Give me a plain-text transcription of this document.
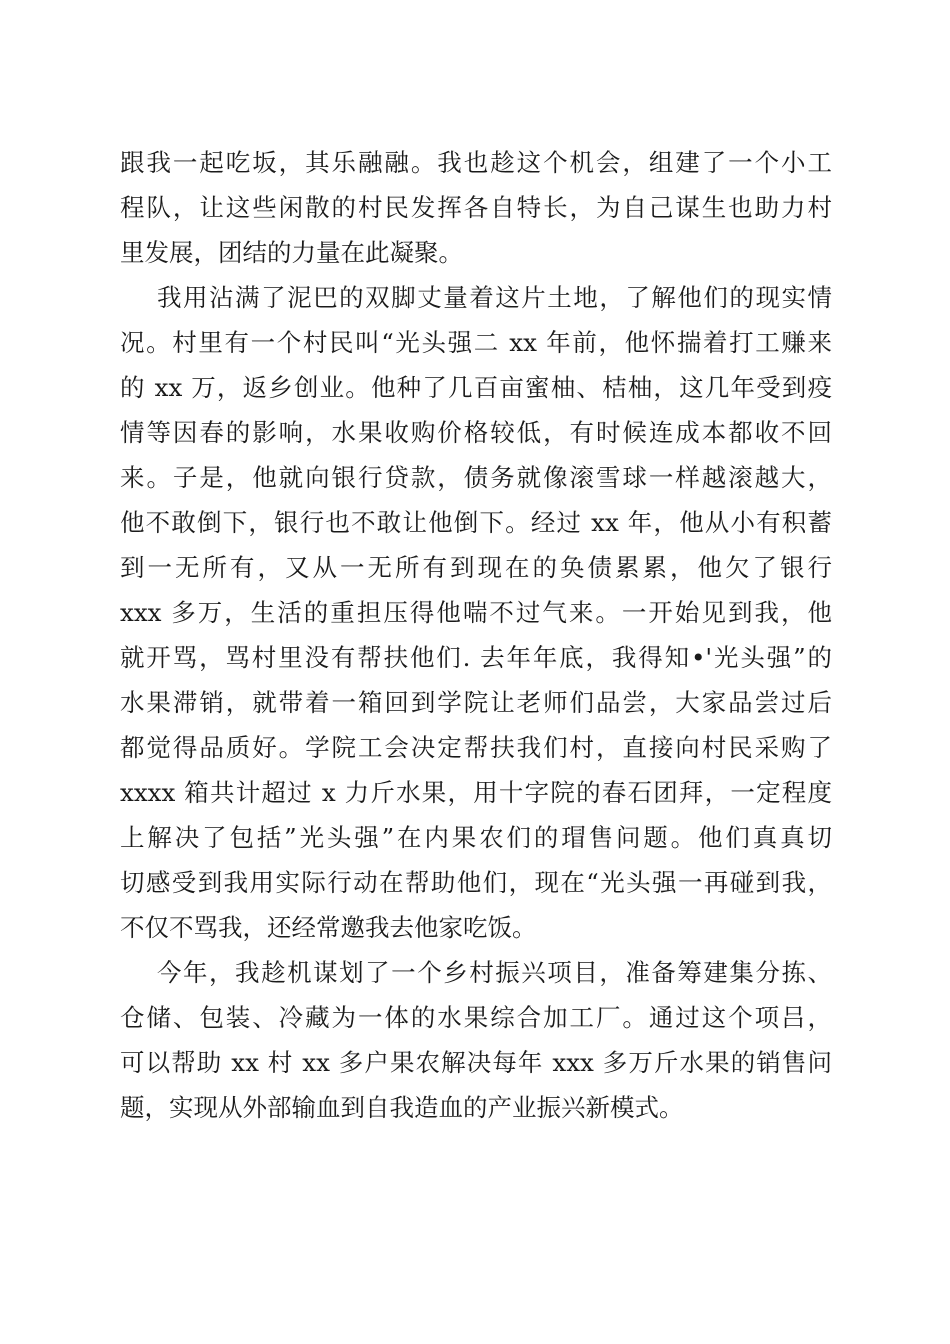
跟我一起吃坂，其乐融融。我也趁这个机会，组建了一个小工
程队，让这些闲散的村民发挥各自特长，为自己谋生也助力村
里发展，团结的力量在此凝聚。
我用沾满了泥巴的双脚丈量着这片土地，了解他们的现实情
况。村里有一个村民叫“光头强二 xx 年前，他怀揣着打工赚来
的 xx 万，返乡创业。他种了几百亩蜜柚、桔柚，这几年受到疫
情等因春的影响，水果收购价格较低，有时候连成本都收不回
来。子是，他就向银行贷款，债务就像滚雪球一样越滚越大，
他不敢倒下，银行也不敢让他倒下。经过 xx 年，他从小有积蓄
到一无所有，又从一无所有到现在的奂债累累，他欠了银行
xxx 多万，生活的重担压得他喘不过气来。一开始见到我，他
就开骂，骂村里没有帮扶他们. 去年年底，我得知•'光头强”的
水果滞销，就带着一箱回到学院让老师们品尝，大家品尝过后
都觉得品质好。学院工会决定帮扶我们村，直接向村民采购了
xxxx 箱共计超过 x 力斤水果，用十字院的春石团拜，一定程度
上解决了包括”光头强”在内果农们的瑁售问题。他们真真切
切感受到我用实际行动在帮助他们，现在“光头强一再碰到我，
不仅不骂我，还经常邀我去他家吃饭。
今年，我趁机谋划了一个乡村振兴项目，准备筹建集分拣、
仓储、包装、冷藏为一体的水果综合加工厂。通过这个项吕，
可以帮助 xx 村 xx 多户果农解决每年 xxx 多万斤水果的销售问
题，实现从外部输血到自我造血的产业振兴新模式。
